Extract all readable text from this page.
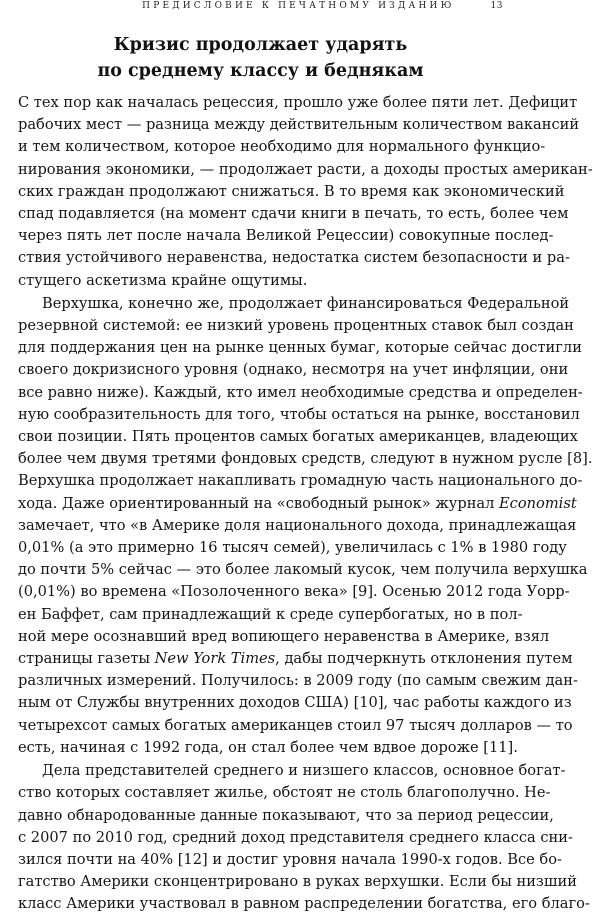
ПРЕДИСЛОВИЕ К ПЕЧАТНОМУ ИЗДАНИЮ	13
Кризис продолжает ударять
по среднему классу и беднякам

С тех пор как началась рецессия, прошло уже более пяти лет. Дефицит
рабочих мест — разница между действительным количеством вакансий
и тем количеством, которое необходимо для нормального функцио-
нирования экономики, — продолжает расти, а доходы простых американ-
ских граждан продолжают снижаться. В то время как экономический
спад подавляется (на момент сдачи книги в печать, то есть, более чем
через пять лет после начала Великой Рецессии) совокупные послед-
ствия устойчивого неравенства, недостатка систем безопасности и ра-
стущего аскетизма крайне ощутимы.

Верхушка, конечно же, продолжает финансироваться Федеральной
резервной системой: ее низкий уровень процентных ставок был создан
для поддержания цен на рынке ценных бумаг, которые сейчас достигли
своего докризисного уровня (однако, несмотря на учет инфляции, они
все равно ниже). Каждый, кто имел необходимые средства и определен-
ную сообразительность для того, чтобы остаться на рынке, восстановил
свои позиции. Пять процентов самых богатых американцев, владеющих
более чем двумя третями фондовых средств, следуют в нужном русле [8].
Верхушка продолжает накапливать громадную часть национального до-
хода. Даже ориентированный на «свободный рынок» журнал Economist
замечает, что «в Америке доля национального дохода, принадлежащая
0,01% (а это примерно 16 тысяч семей), увеличилась с 1% в 1980 году
до почти 5% сейчас — это более лакомый кусок, чем получила верхушка
(0,01%) во времена «Позолоченного века» [9]. Осенью 2012 года Уорр-
ен Баффет, сам принадлежащий к среде супербогатых, но в пол-
ной мере осознавший вред вопиющего неравенства в Америке, взял
страницы газеты New York Times, дабы подчеркнуть отклонения путем
различных измерений. Получилось: в 2009 году (по самым свежим дан-
ным от Службы внутренних доходов США) [10], час работы каждого из
четырехсот самых богатых американцев стоил 97 тысяч долларов — то
есть, начиная с 1992 года, он стал более чем вдвое дороже [11].

Дела представителей среднего и низшего классов, основное богат-
ство которых составляет жилье, обстоят не столь благополучно. Не-
давно обнародованные данные показывают, что за период рецессии,
с 2007 по 2010 год, средний доход представителя среднего класса сни-
зился почти на 40% [12] и достиг уровня начала 1990-х годов. Все бо-
гатство Америки сконцентрировано в руках верхушки. Если бы низший
класс Америки участвовал в равном распределении богатства, его благо-
